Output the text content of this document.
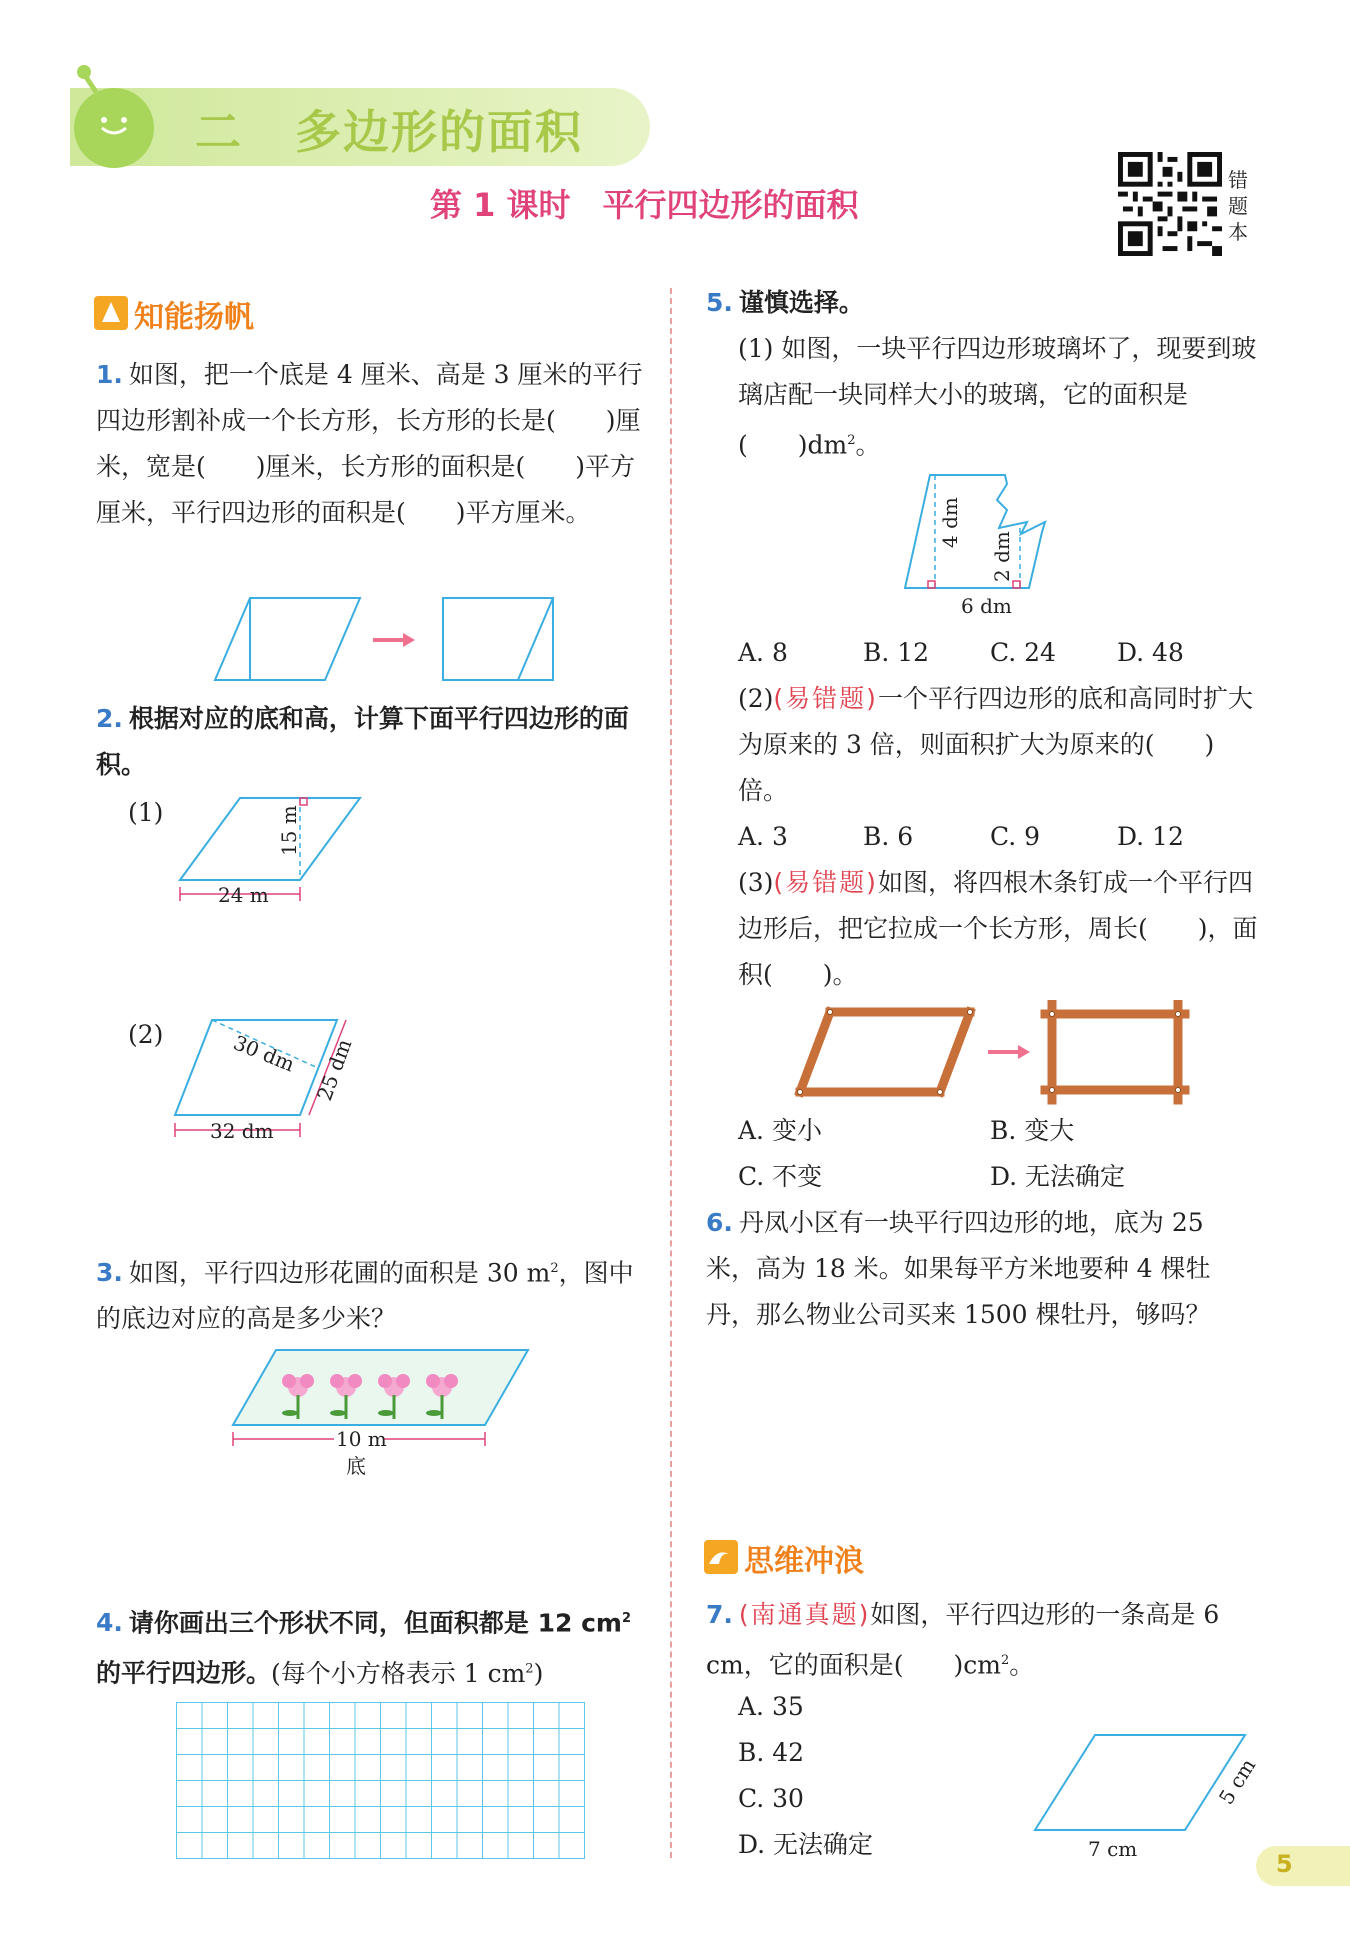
二 多边形的面积
第 1 课时　平行四边形的面积
错
题
本
知能扬帆
1. 如图，把一个底是 4 厘米、高是 3 厘米的平行四边形割补成一个长方形，长方形的长是(　　)厘米，宽是(　　)厘米，长方形的面积是(　　)平方厘米，平行四边形的面积是(　　)平方厘米。
2. 根据对应的底和高，计算下面平行四边形的面积。
(1)
24 m
15 m
(2)
32 dm
30 dm 25 dm
3. 如图，平行四边形花圃的面积是 30 $m^2$，图中的底边对应的高是多少米？
10 m
底
4. 请你画出三个形状不同，但面积都是 12 $cm^2$的平行四边形。(每个小方格表示 1 $cm^2$)
5. 谨慎选择。
(1) 如图，一块平行四边形玻璃坏了，现要到玻璃店配一块同样大小的玻璃，它的面积是(　　)$dm^2$。
4 dm
2 dm
6 dm
A. 8	B. 12 C. 24 D. 48
(2)(易错题)一个平行四边形的底和高同时扩大为原来的 3 倍，则面积扩大为原来的(　　)倍。
A. 3	B. 6	C. 9	D. 12
(3)(易错题)如图，将四根木条钉成一个平行四边形后，把它拉成一个长方形，周长(　　)，面积(　　)。
A. 变小	B. 变大
C. 不变	D. 无法确定
6. 丹凤小区有一块平行四边形的地，底为 25 米，高为 18 米。如果每平方米地要种 4 棵牡丹，那么物业公司买来 1500 棵牡丹，够吗？
思维冲浪
7. (南通真题)如图，平行四边形的一条高是 6 cm，它的面积是(　　)$cm^2$。
A. 35
B. 42
C. 30
D. 无法确定	7 cm
5 cm
5
